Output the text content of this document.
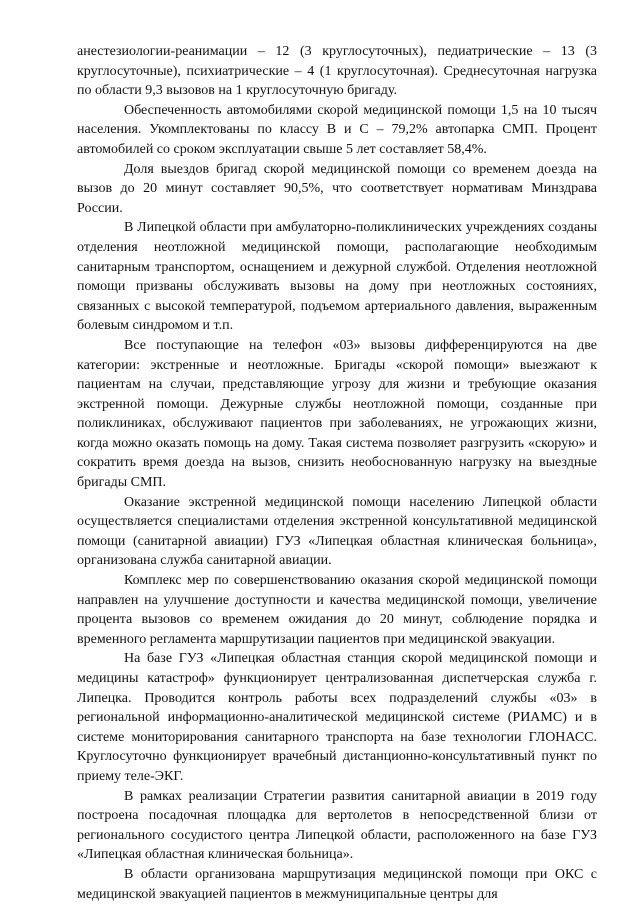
анестезиологии-реанимации – 12 (3 круглосуточных), педиатрические – 13 (3 круглосуточные), психиатрические – 4 (1 круглосуточная). Среднесуточная нагрузка по области 9,3 вызовов на 1 круглосуточную бригаду.

Обеспеченность автомобилями скорой медицинской помощи 1,5 на 10 тысяч населения. Укомплектованы по классу В и С – 79,2% автопарка СМП. Процент автомобилей со сроком эксплуатации свыше 5 лет составляет 58,4%.

Доля выездов бригад скорой медицинской помощи со временем доезда на вызов до 20 минут составляет 90,5%, что соответствует нормативам Минздрава России.

В Липецкой области при амбулаторно-поликлинических учреждениях созданы отделения неотложной медицинской помощи, располагающие необходимым санитарным транспортом, оснащением и дежурной службой. Отделения неотложной помощи призваны обслуживать вызовы на дому при неотложных состояниях, связанных с высокой температурой, подъемом артериального давления, выраженным болевым синдромом и т.п.

Все поступающие на телефон «03» вызовы дифференцируются на две категории: экстренные и неотложные. Бригады «скорой помощи» выезжают к пациентам на случаи, представляющие угрозу для жизни и требующие оказания экстренной помощи. Дежурные службы неотложной помощи, созданные при поликлиниках, обслуживают пациентов при заболеваниях, не угрожающих жизни, когда можно оказать помощь на дому. Такая система позволяет разгрузить «скорую» и сократить время доезда на вызов, снизить необоснованную нагрузку на выездные бригады СМП.

Оказание экстренной медицинской помощи населению Липецкой области осуществляется специалистами отделения экстренной консультативной медицинской помощи (санитарной авиации) ГУЗ «Липецкая областная клиническая больница», организована служба санитарной авиации.

Комплекс мер по совершенствованию оказания скорой медицинской помощи направлен на улучшение доступности и качества медицинской помощи, увеличение процента вызовов со временем ожидания до 20 минут, соблюдение порядка и временного регламента маршрутизации пациентов при медицинской эвакуации.

На базе ГУЗ «Липецкая областная станция скорой медицинской помощи и медицины катастроф» функционирует централизованная диспетчерская служба г. Липецка. Проводится контроль работы всех подразделений службы «03» в региональной информационно-аналитической медицинской системе (РИАМС) и в системе мониторирования санитарного транспорта на базе технологии ГЛОНАСС. Круглосуточно функционирует врачебный дистанционно-консультативный пункт по приему теле-ЭКГ.

В рамках реализации Стратегии развития санитарной авиации в 2019 году построена посадочная площадка для вертолетов в непосредственной близи от регионального сосудистого центра Липецкой области, расположенного на базе ГУЗ «Липецкая областная клиническая больница».

В области организована маршрутизация медицинской помощи при ОКС с медицинской эвакуацией пациентов в межмуниципальные центры для
